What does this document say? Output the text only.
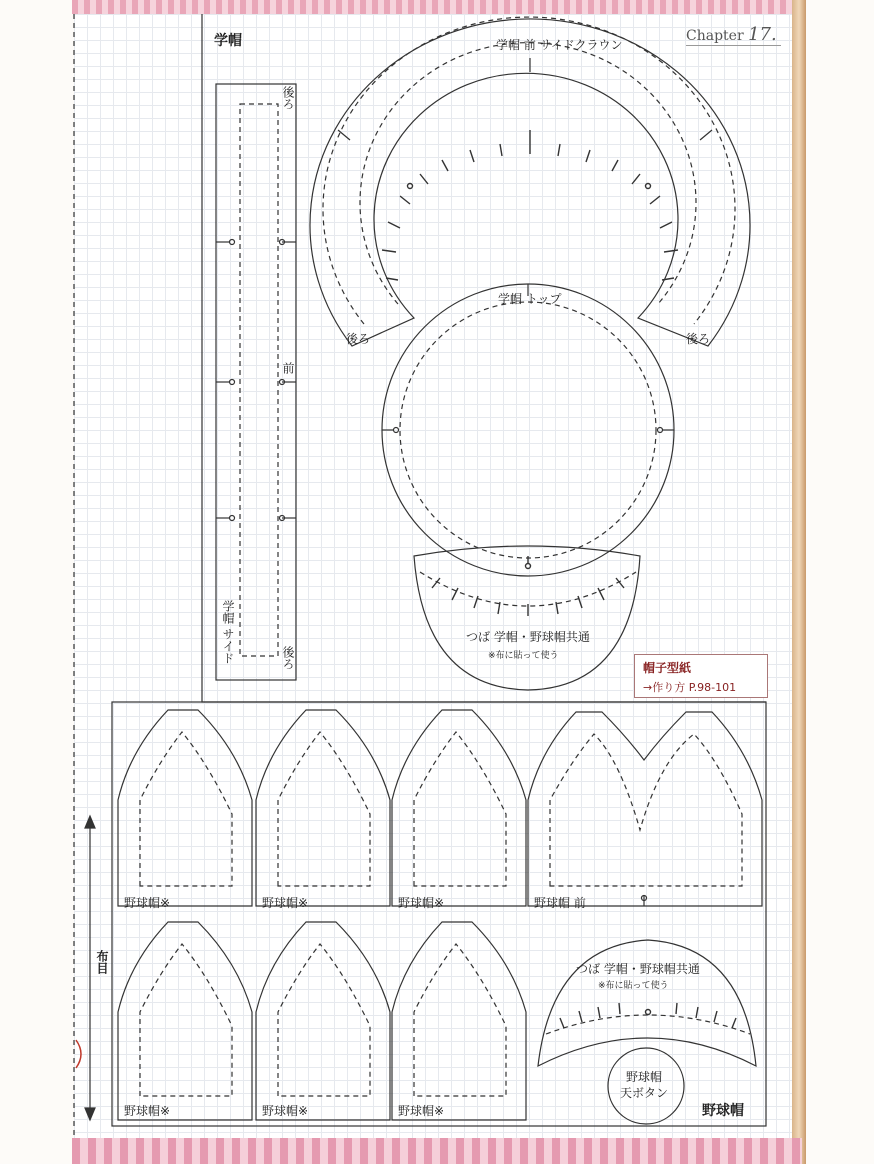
Chapter 17.
学帽	学帽 前 サイドクラウン
後ろ	後ろ
学帽 トップ
後ろ
前
後ろ
学帽 サイド	つば 学帽・野球帽共通
※布に貼って使う
帽子型紙
→作り方 P.98-101
野球帽※	野球帽※	野球帽※	野球帽 前
野球帽※	野球帽※	野球帽※
つば 学帽・野球帽共通
※布に貼って使う
野球帽
天ボタン
野球帽
布目
